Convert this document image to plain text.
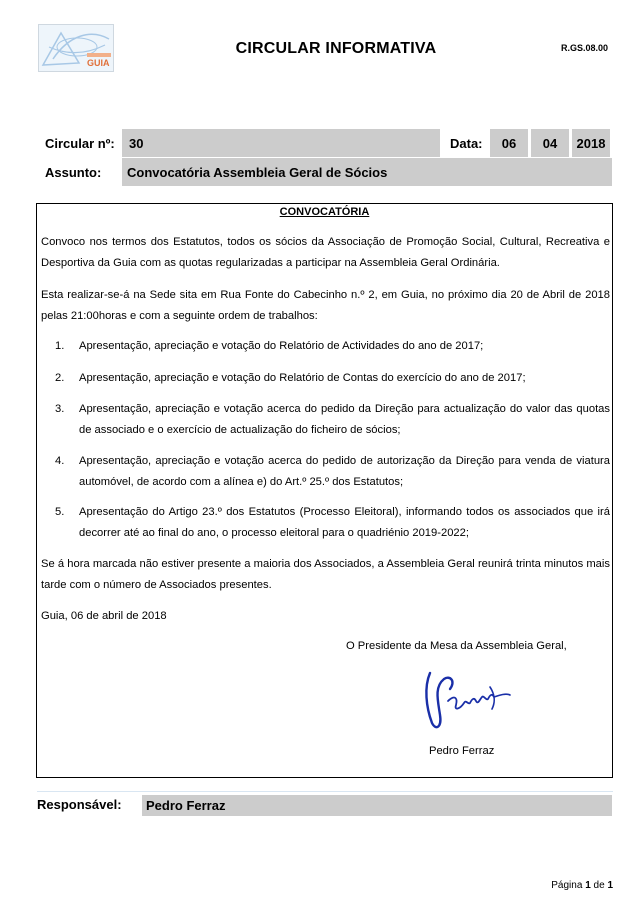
GUIA
CIRCULAR INFORMATIVA	R.GS.08.00
Circular nº:	30	Data:	06	04	2018
Assunto:	Convocatória Assembleia Geral de Sócios
CONVOCATÓRIA
Convoco nos termos dos Estatutos, todos os sócios da Associação de Promoção Social, Cultural, Recreativa e Desportiva da Guia com as quotas regularizadas a participar na Assembleia Geral Ordinária.
Esta realizar-se-á na Sede sita em Rua Fonte do Cabecinho n.º 2, em Guia, no próximo dia 20 de Abril de 2018 pelas 21:00horas e com a seguinte ordem de trabalhos:
1.	Apresentação, apreciação e votação do Relatório de Actividades do ano de 2017;
2.	Apresentação, apreciação e votação do Relatório de Contas do exercício do ano de 2017;
3.	Apresentação, apreciação e votação acerca do pedido da Direção para actualização do valor das quotas de associado e o exercício de actualização do ficheiro de sócios;
4.	Apresentação, apreciação e votação acerca do pedido de autorização da Direção para venda de viatura automóvel, de acordo com a alínea e) do Art.º 25.º dos Estatutos;
5.	Apresentação do Artigo 23.º dos Estatutos (Processo Eleitoral), informando todos os associados que irá decorrer até ao final do ano, o processo eleitoral para o quadriénio 2019-2022;
Se á hora marcada não estiver presente a maioria dos Associados, a Assembleia Geral reunirá trinta minutos mais tarde com o número de Associados presentes.
Guia, 06 de abril de 2018
O Presidente da Mesa da Assembleia Geral,
Pedro Ferraz
Responsável:	Pedro Ferraz
Página 1 de 1
